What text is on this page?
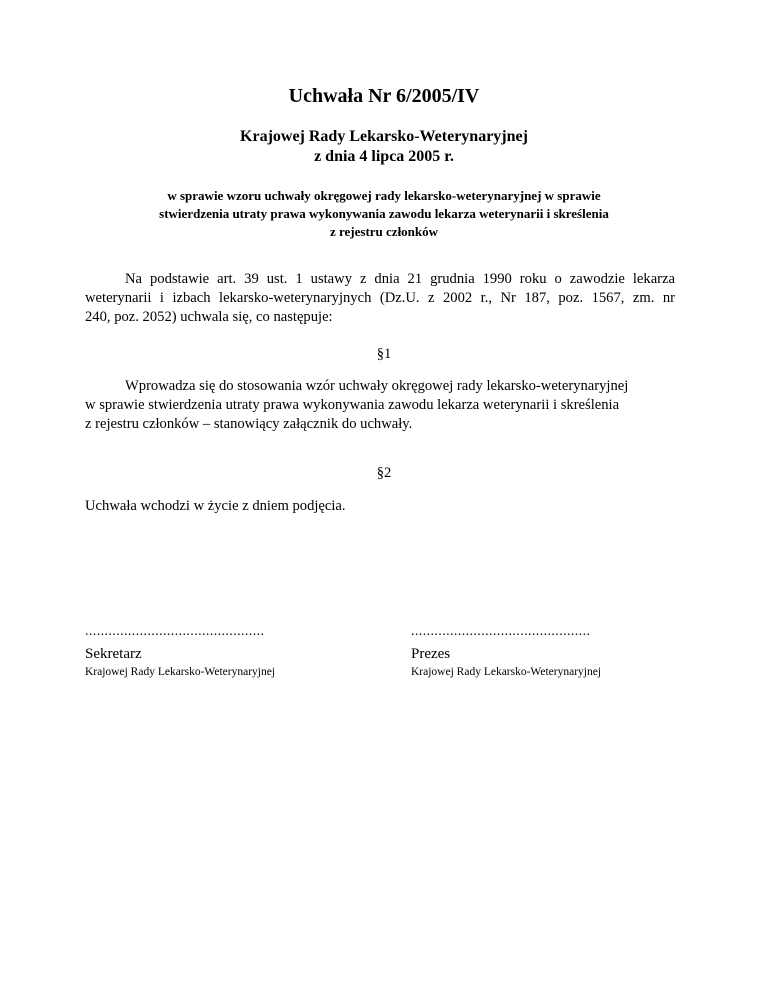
Uchwała Nr 6/2005/IV
Krajowej Rady Lekarsko-Weterynaryjnej
z dnia 4 lipca 2005 r.
w sprawie wzoru uchwały okręgowej rady lekarsko-weterynaryjnej w sprawie
stwierdzenia utraty prawa wykonywania zawodu lekarza weterynarii i skreślenia
z rejestru członków
Na podstawie art. 39 ust. 1 ustawy z dnia 21 grudnia 1990 roku o zawodzie lekarza
weterynarii i izbach lekarsko-weterynaryjnych (Dz.U. z 2002 r., Nr 187, poz. 1567, zm. nr
240, poz. 2052) uchwala się, co następuje:
§1
Wprowadza się do stosowania wzór uchwały okręgowej rady lekarsko-weterynaryjnej
w sprawie stwierdzenia utraty prawa wykonywania zawodu lekarza weterynarii i skreślenia
z rejestru członków – stanowiący załącznik do uchwały.
§2
Uchwała wchodzi w życie z dniem podjęcia.
..............................................
Sekretarz
Krajowej Rady Lekarsko-Weterynaryjnej
..............................................
Prezes
Krajowej Rady Lekarsko-Weterynaryjnej
